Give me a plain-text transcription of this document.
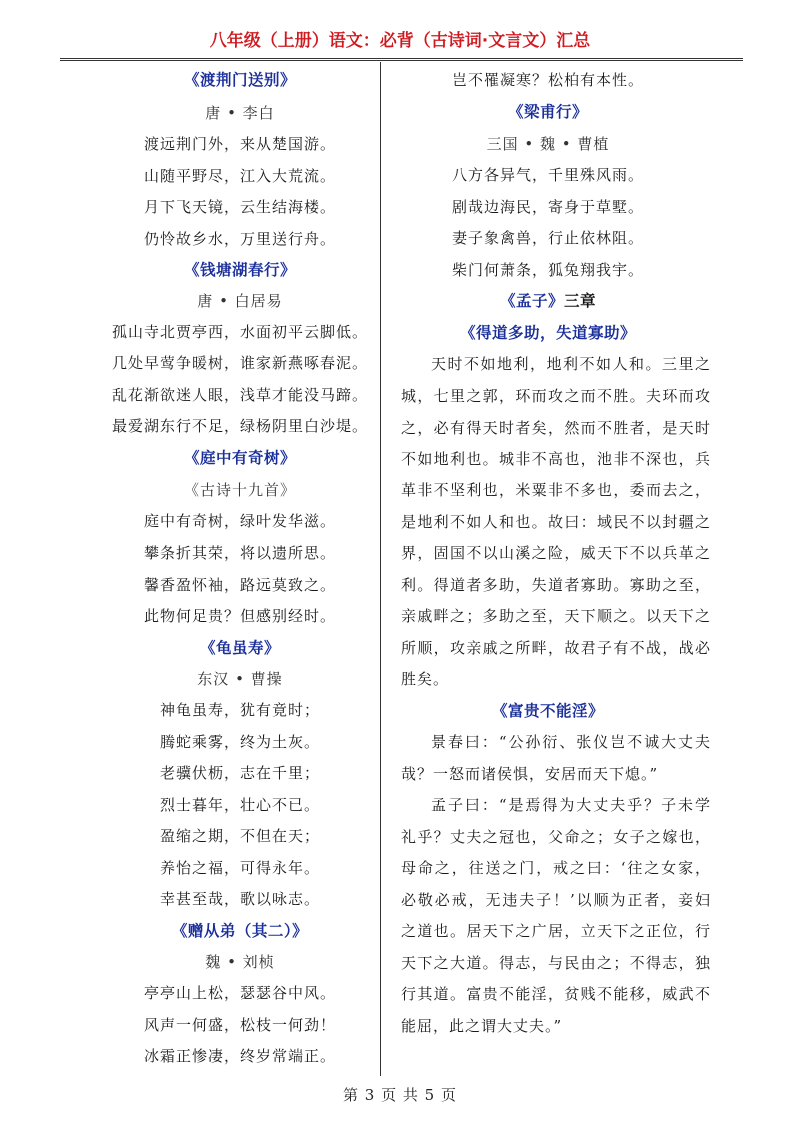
八年级（上册）语文：必背（古诗词·文言文）汇总
《渡荆门送别》
唐 • 李白
渡远荆门外，来从楚国游。
山随平野尽，江入大荒流。
月下飞天镜，云生结海楼。
仍怜故乡水，万里送行舟。
《钱塘湖春行》
唐 • 白居易
孤山寺北贾亭西，水面初平云脚低。
几处早莺争暖树，谁家新燕啄春泥。
乱花渐欲迷人眼，浅草才能没马蹄。
最爱湖东行不足，绿杨阴里白沙堤。
《庭中有奇树》
《古诗十九首》
庭中有奇树，绿叶发华滋。
攀条折其荣，将以遗所思。
馨香盈怀袖，路远莫致之。
此物何足贵？但感别经时。
《龟虽寿》
东汉 • 曹操
神龟虽寿，犹有竟时；
腾蛇乘雾，终为土灰。
老骥伏枥，志在千里；
烈士暮年，壮心不已。
盈缩之期，不但在天；
养怡之福，可得永年。
幸甚至哉，歌以咏志。
《赠从弟（其二）》
魏 • 刘桢
亭亭山上松，瑟瑟谷中风。
风声一何盛，松枝一何劲！
冰霜正惨凄，终岁常端正。
岂不罹凝寒？松柏有本性。
《梁甫行》
三国 • 魏 • 曹植
八方各异气，千里殊风雨。
剧哉边海民，寄身于草墅。
妻子象禽兽，行止依林阻。
柴门何萧条，狐兔翔我宇。
《孟子》三章
《得道多助，失道寡助》
天时不如地利，地利不如人和。三里之
城，七里之郭，环而攻之而不胜。夫环而攻
之，必有得天时者矣，然而不胜者，是天时
不如地利也。城非不高也，池非不深也，兵
革非不坚利也，米粟非不多也，委而去之，
是地利不如人和也。故曰：域民不以封疆之
界，固国不以山溪之险，威天下不以兵革之
利。得道者多助，失道者寡助。寡助之至，
亲戚畔之；多助之至，天下顺之。以天下之
所顺，攻亲戚之所畔，故君子有不战，战必
胜矣。
《富贵不能淫》
景春曰：“公孙衍、张仪岂不诚大丈夫
哉？一怒而诸侯惧，安居而天下熄。”
孟子曰：“是焉得为大丈夫乎？子未学
礼乎？丈夫之冠也，父命之；女子之嫁也，
母命之，往送之门，戒之曰：‘往之女家，
必敬必戒，无违夫子！’以顺为正者，妾妇
之道也。居天下之广居，立天下之正位，行
天下之大道。得志，与民由之；不得志，独
行其道。富贵不能淫，贫贱不能移，威武不
能屈，此之谓大丈夫。”
第 3 页 共 5 页
